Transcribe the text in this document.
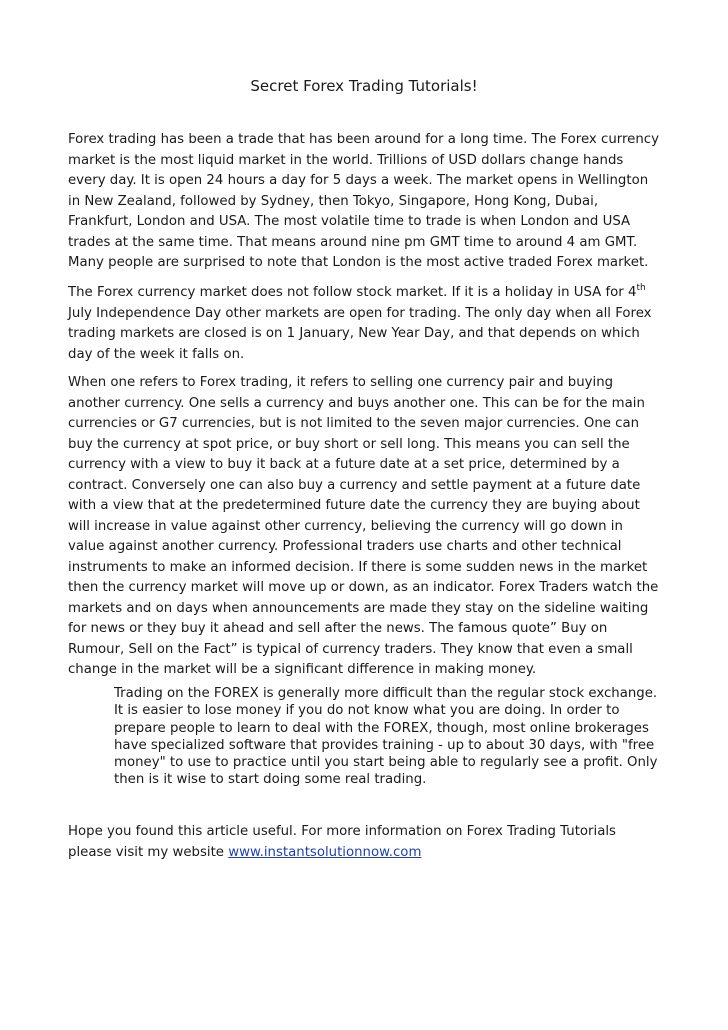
Secret Forex Trading Tutorials!

Forex trading has been a trade that has been around for a long time. The Forex currency market is the most liquid market in the world. Trillions of USD dollars change hands every day. It is open 24 hours a day for 5 days a week. The market opens in Wellington in New Zealand, followed by Sydney, then Tokyo, Singapore, Hong Kong, Dubai, Frankfurt, London and USA. The most volatile time to trade is when London and USA trades at the same time. That means around nine pm GMT time to around 4 am GMT. Many people are surprised to note that London is the most active traded Forex market.

The Forex currency market does not follow stock market. If it is a holiday in USA for 4th July Independence Day other markets are open for trading. The only day when all Forex trading markets are closed is on 1 January, New Year Day, and that depends on which day of the week it falls on.

When one refers to Forex trading, it refers to selling one currency pair and buying another currency. One sells a currency and buys another one. This can be for the main currencies or G7 currencies, but is not limited to the seven major currencies. One can buy the currency at spot price, or buy short or sell long. This means you can sell the currency with a view to buy it back at a future date at a set price, determined by a contract. Conversely one can also buy a currency and settle payment at a future date with a view that at the predetermined future date the currency they are buying about will increase in value against other currency, believing the currency will go down in value against another currency. Professional traders use charts and other technical instruments to make an informed decision. If there is some sudden news in the market then the currency market will move up or down, as an indicator. Forex Traders watch the markets and on days when announcements are made they stay on the sideline waiting for news or they buy it ahead and sell after the news. The famous quote” Buy on Rumour, Sell on the Fact” is typical of currency traders. They know that even a small change in the market will be a significant difference in making money.

Trading on the FOREX is generally more difficult than the regular stock exchange. It is easier to lose money if you do not know what you are doing. In order to prepare people to learn to deal with the FOREX, though, most online brokerages have specialized software that provides training - up to about 30 days, with "free money" to use to practice until you start being able to regularly see a profit. Only then is it wise to start doing some real trading.

Hope you found this article useful. For more information on Forex Trading Tutorials please visit my website www.instantsolutionnow.com
